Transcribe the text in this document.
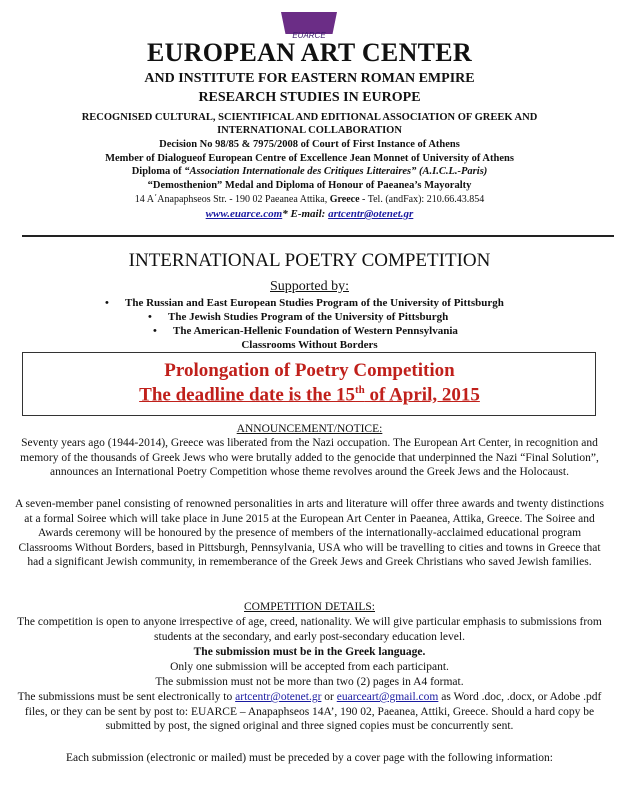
EUARCE
EUROPEAN ART CENTER
AND INSTITUTE FOR EASTERN ROMAN EMPIRE
RESEARCH STUDIES IN EUROPE
RECOGNISED CULTURAL, SCIENTIFICAL AND EDITIONAL ASSOCIATION OF GREEK AND
INTERNATIONAL COLLABORATION
Decision No 98/85 & 7975/2008 of Court of First Instance of Athens
Member of Dialogueof European Centre of Excellence Jean Monnet of University of Athens
Diploma of “Association Internationale des Critiques Litteraires” (A.I.C.L.-Paris)
“Demosthenion” Medal and Diploma of Honour of Paeanea’s Mayoralty
14 A΄Anapaphseos Str. - 190 02 Paeanea Attika, Greece - Tel. (andFax): 210.66.43.854
www.euarce.com* E-mail: artcentr@otenet.gr
INTERNATIONAL POETRY COMPETITION
Supported by:
• The Russian and East European Studies Program of the University of Pittsburgh
• The Jewish Studies Program of the University of Pittsburgh
• The American-Hellenic Foundation of Western Pennsylvania
Classrooms Without Borders
Prolongation of Poetry Competition
The deadline date is the 15th of April, 2015
ANNOUNCEMENT/NOTICE:
Seventy years ago (1944-2014), Greece was liberated from the Nazi occupation. The European Art Center, in recognition and memory of the thousands of Greek Jews who were brutally added to the genocide that underpinned the Nazi “Final Solution”, announces an International Poetry Competition whose theme revolves around the Greek Jews and the Holocaust.
A seven-member panel consisting of renowned personalities in arts and literature will offer three awards and twenty distinctions at a formal Soiree which will take place in June 2015 at the European Art Center in Paeanea, Attika, Greece. The Soiree and Awards ceremony will be honoured by the presence of members of the internationally-acclaimed educational program Classrooms Without Borders, based in Pittsburgh, Pennsylvania, USA who will be travelling to cities and towns in Greece that had a significant Jewish community, in rememberance of the Greek Jews and Greek Christians who saved Jewish families.
COMPETITION DETAILS:
The competition is open to anyone irrespective of age, creed, nationality. We will give particular emphasis to submissions from students at the secondary, and early post-secondary education level.
The submission must be in the Greek language.
Only one submission will be accepted from each participant.
The submission must not be more than two (2) pages in A4 format.
The submissions must be sent electronically to artcentr@otenet.gr or euarceart@gmail.com as Word .doc, .docx, or Adobe .pdf files, or they can be sent by post to: EUARCE – Anapaphseos 14A’, 190 02, Paeanea, Attiki, Greece. Should a hard copy be submitted by post, the signed original and three signed copies must be concurrently sent.
Each submission (electronic or mailed) must be preceded by a cover page with the following information:
